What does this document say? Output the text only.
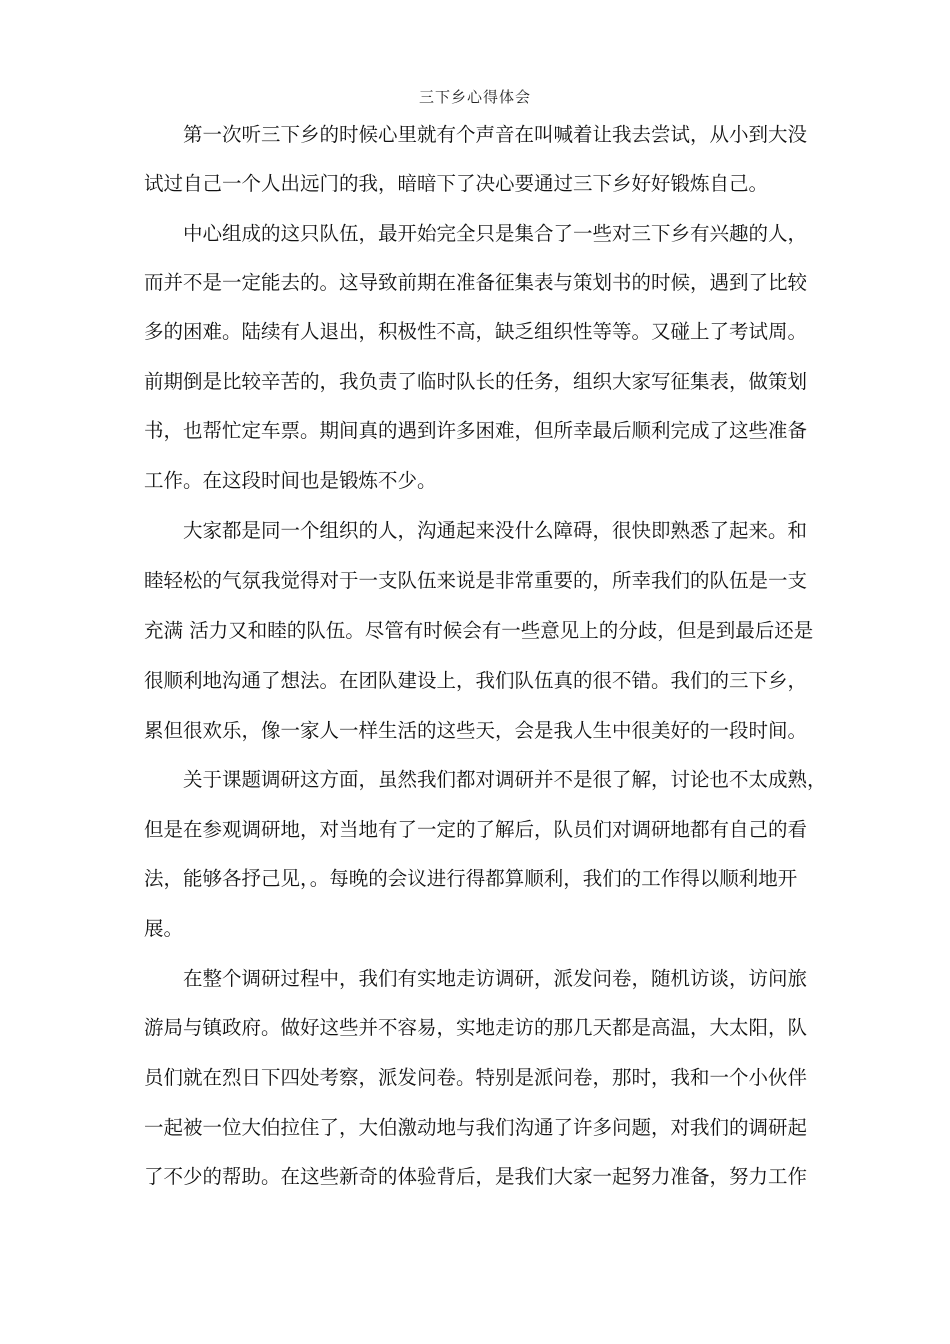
三下乡心得体会
第一次听三下乡的时候心里就有个声音在叫喊着让我去尝试，从小到大没
试过自己一个人出远门的我，暗暗下了决心要通过三下乡好好锻炼自己。
中心组成的这只队伍，最开始完全只是集合了一些对三下乡有兴趣的人，
而并不是一定能去的。这导致前期在准备征集表与策划书的时候，遇到了比较
多的困难。陆续有人退出，积极性不高，缺乏组织性等等。又碰上了考试周。
前期倒是比较辛苦的，我负责了临时队长的任务，组织大家写征集表，做策划
书，也帮忙定车票。期间真的遇到许多困难，但所幸最后顺利完成了这些准备
工作。在这段时间也是锻炼不少。
大家都是同一个组织的人，沟通起来没什么障碍，很快即熟悉了起来。和
睦轻松的气氛我觉得对于一支队伍来说是非常重要的，所幸我们的队伍是一支
充满 活力又和睦的队伍。尽管有时候会有一些意见上的分歧，但是到最后还是
很顺利地沟通了想法。在团队建设上，我们队伍真的很不错。我们的三下乡，
累但很欢乐，像一家人一样生活的这些天，会是我人生中很美好的一段时间。
关于课题调研这方面，虽然我们都对调研并不是很了解，讨论也不太成熟，
但是在参观调研地，对当地有了一定的了解后，队员们对调研地都有自己的看
法，能够各抒己见，。每晚的会议进行得都算顺利，我们的工作得以顺利地开
展。
在整个调研过程中，我们有实地走访调研，派发问卷，随机访谈，访问旅
游局与镇政府。做好这些并不容易，实地走访的那几天都是高温，大太阳，队
员们就在烈日下四处考察，派发问卷。特别是派问卷，那时，我和一个小伙伴
一起被一位大伯拉住了，大伯激动地与我们沟通了许多问题，对我们的调研起
了不少的帮助。在这些新奇的体验背后，是我们大家一起努力准备，努力工作
